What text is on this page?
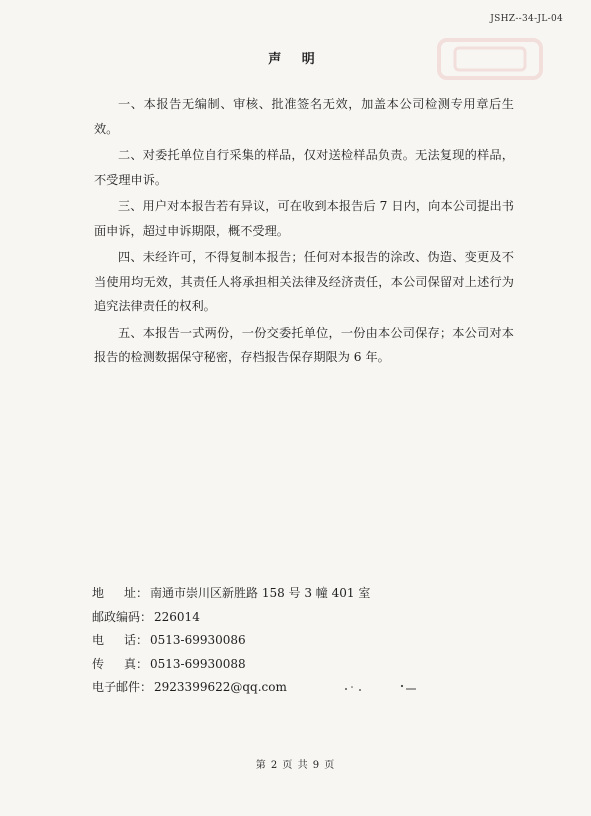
JSHZ--34-JL-04
声 明

一、本报告无编制、审核、批准签名无效，加盖本公司检测专用章后生效。

二、对委托单位自行采集的样品，仅对送检样品负责。无法复现的样品，不受理申诉。

三、用户对本报告若有异议，可在收到本报告后 7 日内，向本公司提出书面申诉，超过申诉期限，概不受理。

四、未经许可，不得复制本报告；任何对本报告的涂改、伪造、变更及不当使用均无效，其责任人将承担相关法律及经济责任，本公司保留对上述行为追究法律责任的权利。

五、本报告一式两份，一份交委托单位，一份由本公司保存；本公司对本报告的检测数据保守秘密，存档报告保存期限为 6 年。

地 址： 南通市崇川区新胜路 158 号 3 幢 401 室
邮政编码： 226014
电 话： 0513-69930086
传 真： 0513-69930088
电子邮件： 2923399622@qq.com
第 2 页 共 9 页
